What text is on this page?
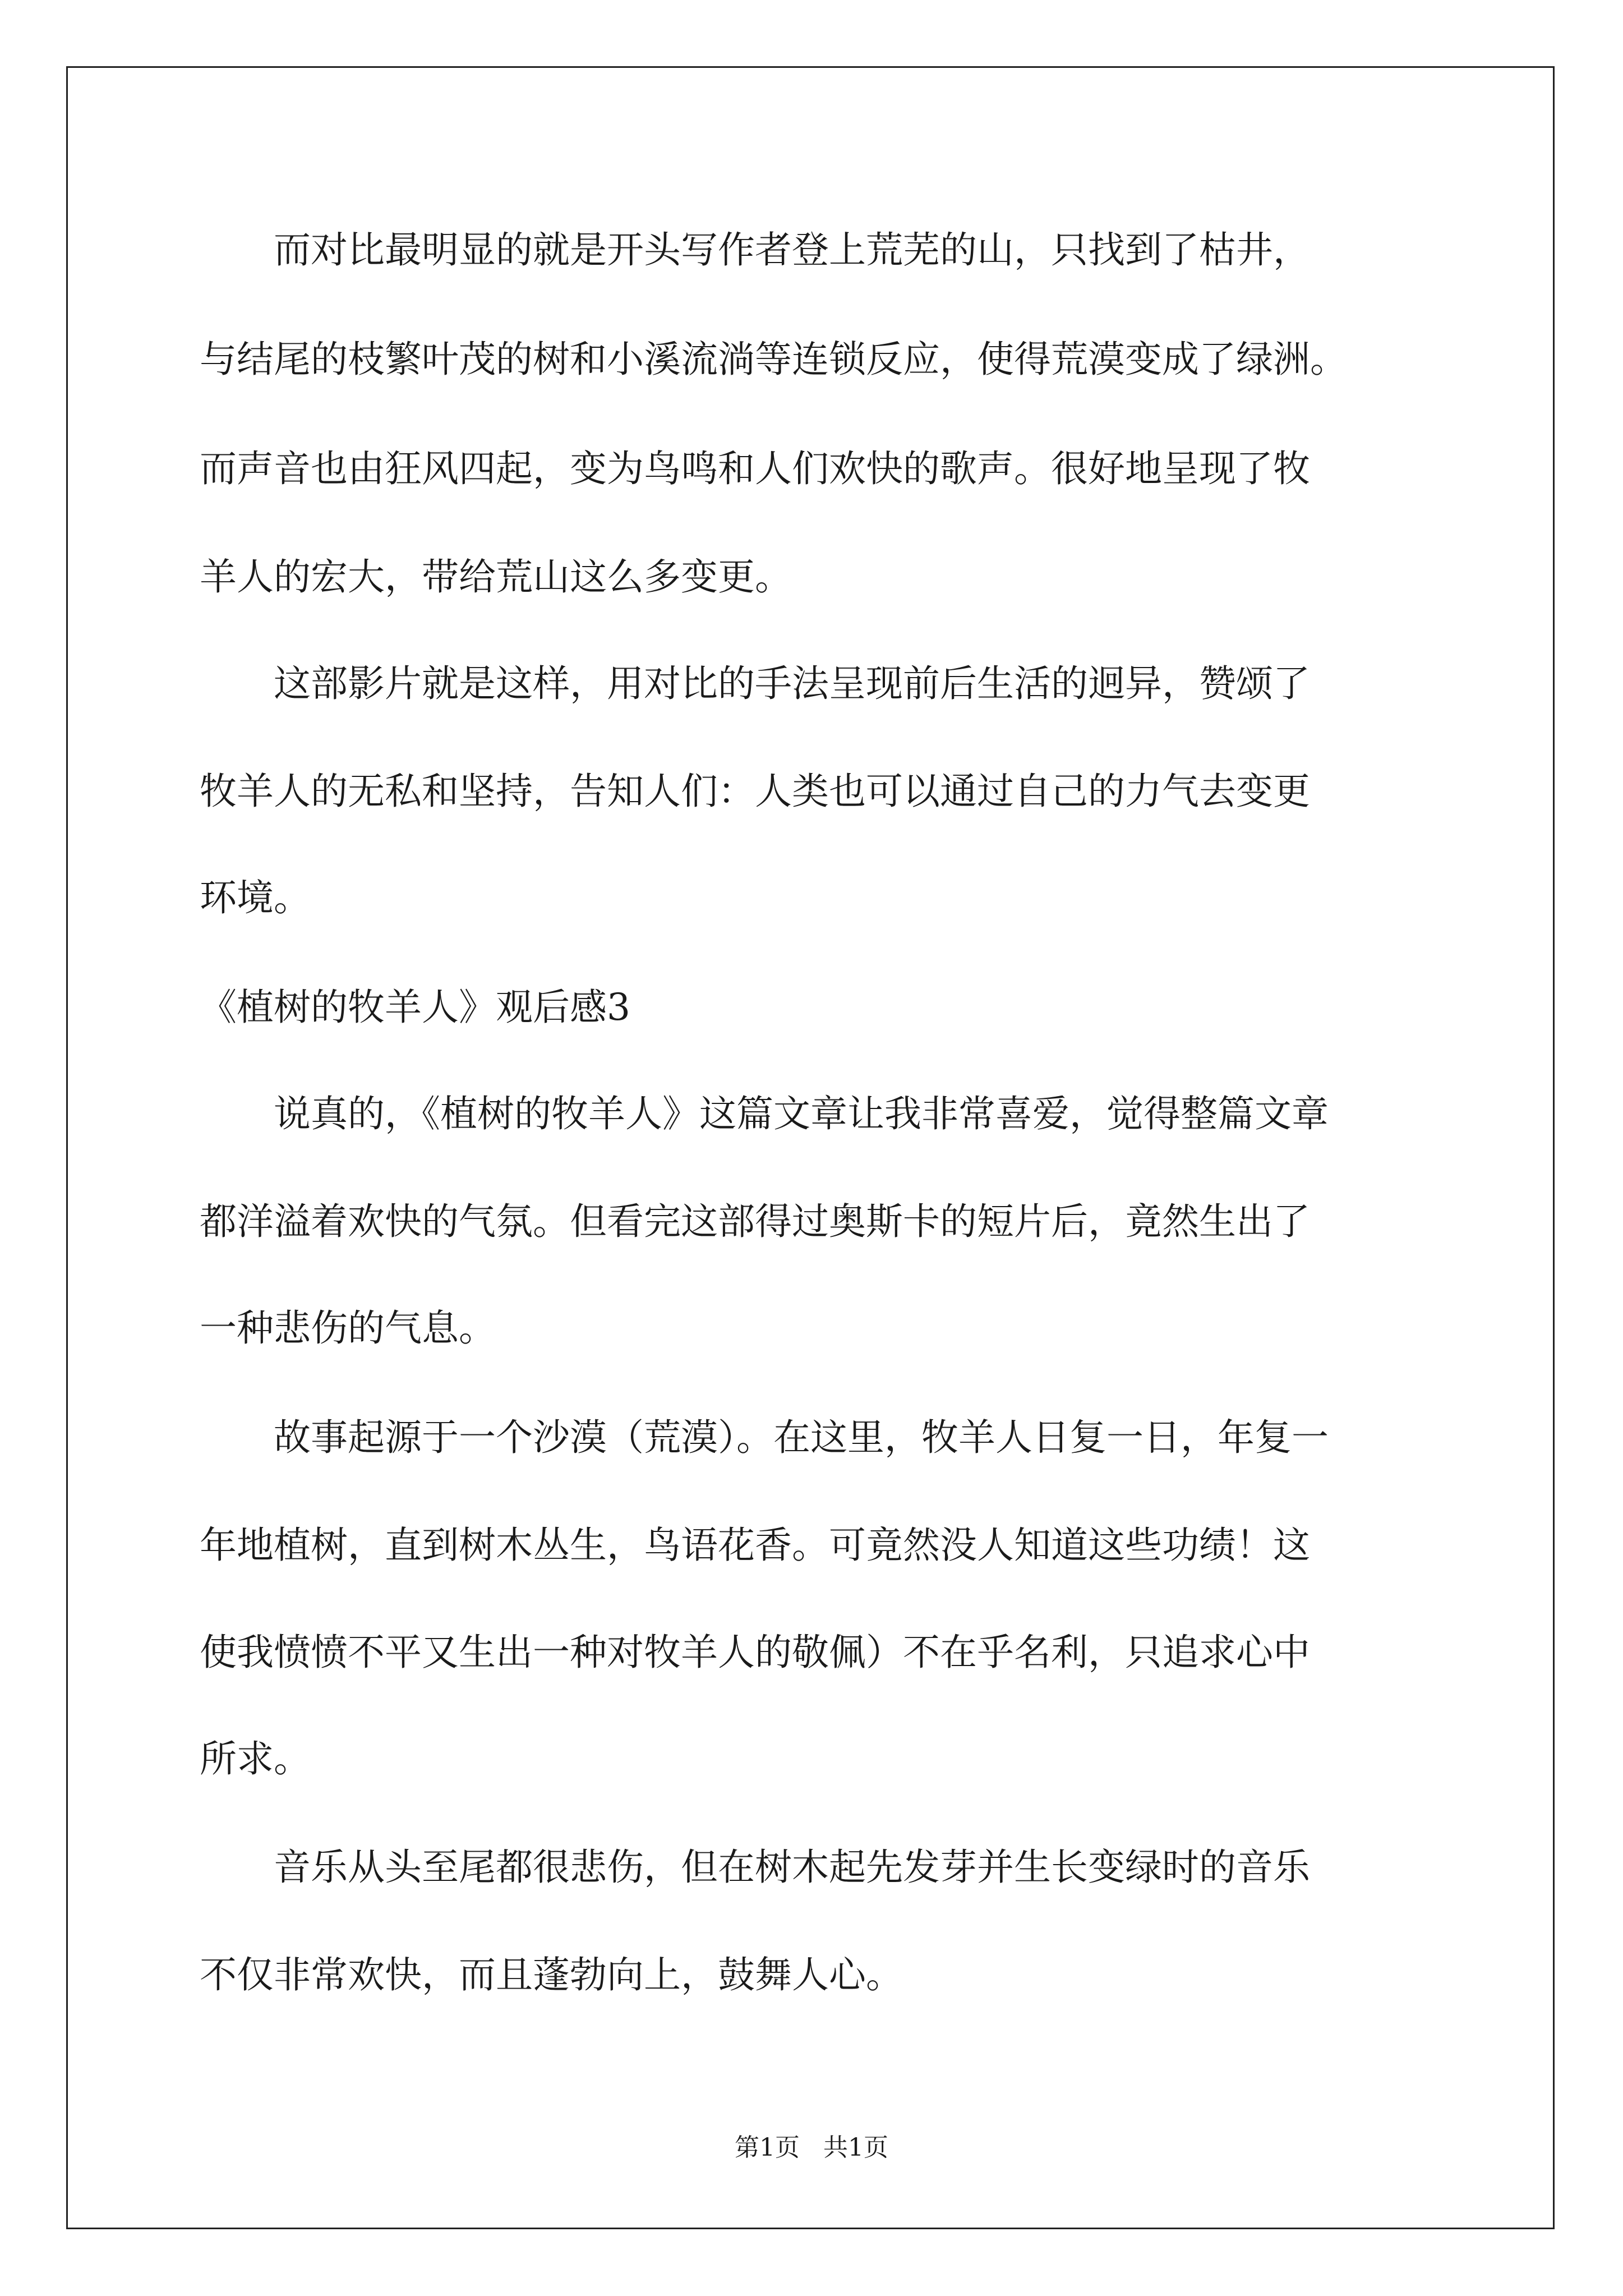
　　而对比最明显的就是开头写作者登上荒芜的山，只找到了枯井，
与结尾的枝繁叶茂的树和小溪流淌等连锁反应，使得荒漠变成了绿洲。
而声音也由狂风四起，变为鸟鸣和人们欢快的歌声。很好地呈现了牧
羊人的宏大，带给荒山这么多变更。
　　这部影片就是这样，用对比的手法呈现前后生活的迥异，赞颂了
牧羊人的无私和坚持，告知人们：人类也可以通过自己的力气去变更
环境。
《植树的牧羊人》观后感3
　　说真的，《植树的牧羊人》这篇文章让我非常喜爱，觉得整篇文章
都洋溢着欢快的气氛。但看完这部得过奥斯卡的短片后，竟然生出了
一种悲伤的气息。
　　故事起源于一个沙漠（荒漠）。在这里，牧羊人日复一日，年复一
年地植树，直到树木丛生，鸟语花香。可竟然没人知道这些功绩！这
使我愤愤不平又生出一种对牧羊人的敬佩）不在乎名利，只追求心中
所求。
　　音乐从头至尾都很悲伤，但在树木起先发芽并生长变绿时的音乐
不仅非常欢快，而且蓬勃向上，鼓舞人心。
第1页 共1页
